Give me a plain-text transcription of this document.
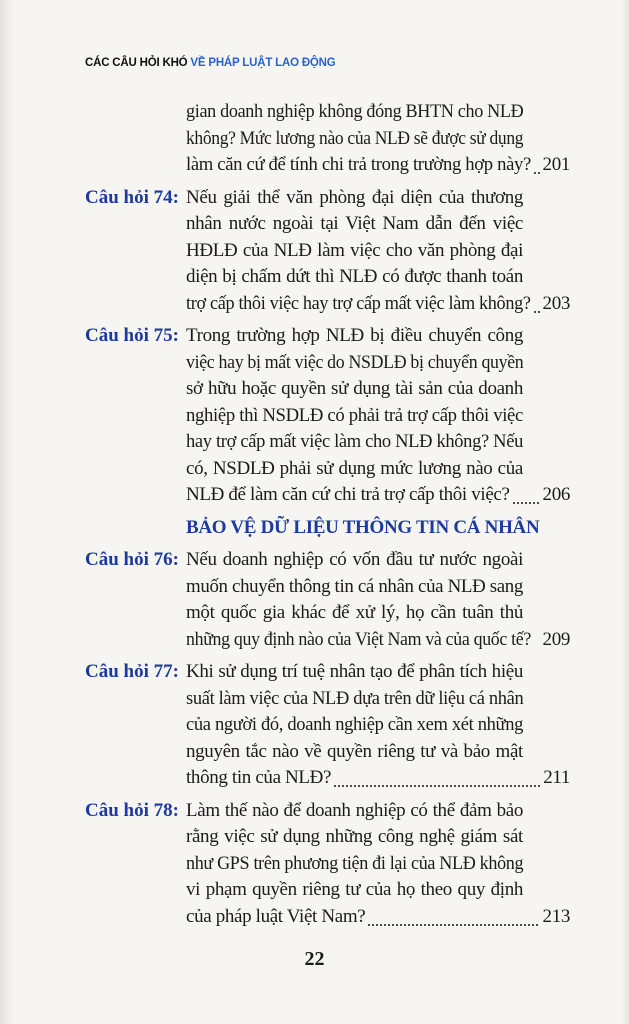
CÁC CÂU HỎI KHÓ VỀ PHÁP LUẬT LAO ĐỘNG
gian doanh nghiệp không đóng BHTN cho NLĐ
không? Mức lương nào của NLĐ sẽ được sử dụng
làm căn cứ để tính chi trả trong trường hợp này? 201
Câu hỏi 74: Nếu giải thể văn phòng đại diện của thương
nhân nước ngoài tại Việt Nam dẫn đến việc
HĐLĐ của NLĐ làm việc cho văn phòng đại
diện bị chấm dứt thì NLĐ có được thanh toán
trợ cấp thôi việc hay trợ cấp mất việc làm không? 203
Câu hỏi 75: Trong trường hợp NLĐ bị điều chuyển công
việc hay bị mất việc do NSDLĐ bị chuyển quyền
sở hữu hoặc quyền sử dụng tài sản của doanh
nghiệp thì NSDLĐ có phải trả trợ cấp thôi việc
hay trợ cấp mất việc làm cho NLĐ không? Nếu
có, NSDLĐ phải sử dụng mức lương nào của
NLĐ để làm căn cứ chi trả trợ cấp thôi việc? 206
BẢO VỆ DỮ LIỆU THÔNG TIN CÁ NHÂN
Câu hỏi 76: Nếu doanh nghiệp có vốn đầu tư nước ngoài
muốn chuyển thông tin cá nhân của NLĐ sang
một quốc gia khác để xử lý, họ cần tuân thủ
những quy định nào của Việt Nam và của quốc tế? 209
Câu hỏi 77: Khi sử dụng trí tuệ nhân tạo để phân tích hiệu
suất làm việc của NLĐ dựa trên dữ liệu cá nhân
của người đó, doanh nghiệp cần xem xét những
nguyên tắc nào về quyền riêng tư và bảo mật
thông tin của NLĐ?	211
Câu hỏi 78: Làm thế nào để doanh nghiệp có thể đảm bảo
rằng việc sử dụng những công nghệ giám sát
như GPS trên phương tiện đi lại của NLĐ không
vi phạm quyền riêng tư của họ theo quy định
của pháp luật Việt Nam?	213
22
